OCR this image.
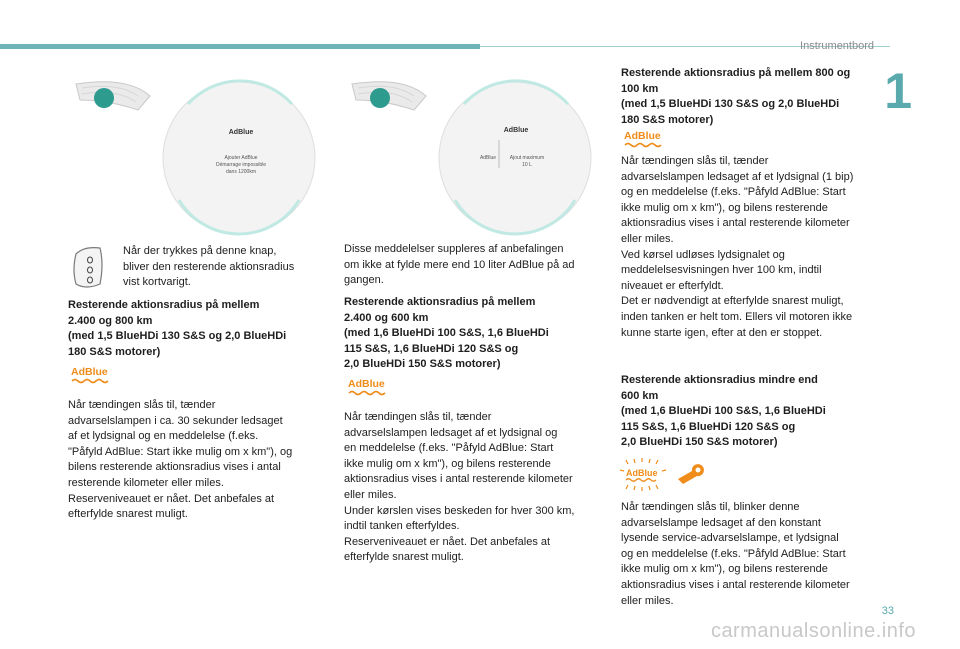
Instrumentbord
1
AdBlue
Ajouter AdBlue
Démarrage impossible
dans 1200km
AdBlue
AdBlue	Ajout maximum
10 L

Når der trykkes på denne knap,

bliver den resterende aktionsradius

vist kortvarigt.

Resterende aktionsradius på mellem

2.400 og 800 km

(med 1,5 BlueHDi 130 S&S og 2,0 BlueHDi

180 S&S motorer)

AdBlue

Når tændingen slås til, tænder

advarselslampen i ca. 30 sekunder ledsaget

af et lydsignal og en meddelelse (f.eks.

"Påfyld AdBlue: Start ikke mulig om x km"), og

bilens resterende aktionsradius vises i antal

resterende kilometer eller miles.

Reserveniveauet er nået. Det anbefales at

efterfylde snarest muligt.

Disse meddelelser suppleres af anbefalingen

om ikke at fylde mere end 10 liter AdBlue på ad

gangen.

Resterende aktionsradius på mellem

2.400 og 600 km

(med 1,6 BlueHDi 100 S&S, 1,6 BlueHDi

115 S&S, 1,6 BlueHDi 120 S&S og

2,0 BlueHDi 150 S&S motorer)

AdBlue

Når tændingen slås til, tænder

advarselslampen ledsaget af et lydsignal og

en meddelelse (f.eks. "Påfyld AdBlue: Start

ikke mulig om x km"), og bilens resterende

aktionsradius vises i antal resterende kilometer

eller miles.

Under kørslen vises beskeden for hver 300 km,

indtil tanken efterfyldes.

Reserveniveauet er nået. Det anbefales at

efterfylde snarest muligt.

Resterende aktionsradius på mellem 800 og

100 km

(med 1,5 BlueHDi 130 S&S og 2,0 BlueHDi

180 S&S motorer)

AdBlue

Når tændingen slås til, tænder

advarselslampen ledsaget af et lydsignal (1 bip)

og en meddelelse (f.eks. "Påfyld AdBlue: Start

ikke mulig om x km"), og bilens resterende

aktionsradius vises i antal resterende kilometer

eller miles.

Ved kørsel udløses lydsignalet og

meddelelsesvisningen hver 100 km, indtil

niveauet er efterfyldt.

Det er nødvendigt at efterfylde snarest muligt,

inden tanken er helt tom. Ellers vil motoren ikke

kunne starte igen, efter at den er stoppet.

Resterende aktionsradius mindre end

600 km

(med 1,6 BlueHDi 100 S&S, 1,6 BlueHDi

115 S&S, 1,6 BlueHDi 120 S&S og

2,0 BlueHDi 150 S&S motorer)

AdBlue

Når tændingen slås til, blinker denne

advarselslampe ledsaget af den konstant

lysende service-advarselslampe, et lydsignal

og en meddelelse (f.eks. "Påfyld AdBlue: Start

ikke mulig om x km"), og bilens resterende

aktionsradius vises i antal resterende kilometer

eller miles.

33
carmanualsonline.info
